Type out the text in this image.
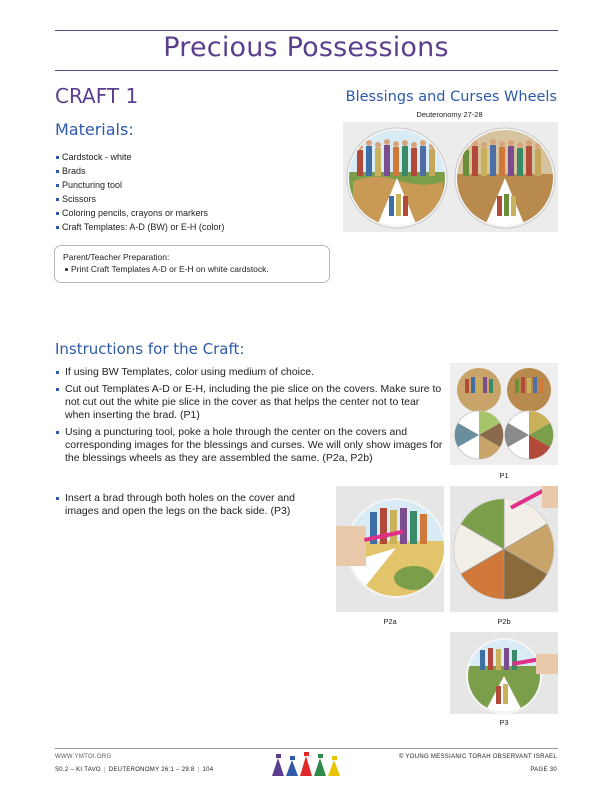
Precious Possessions
CRAFT 1
Materials:
Cardstock - white
Brads
Puncturing tool
Scissors
Coloring pencils, crayons or markers
Craft Templates: A-D (BW) or E-H (color)
Parent/Teacher Preparation:
Print Craft Templates A-D or E-H on white cardstock.
Blessings and Curses Wheels
Deuteronomy 27-28
Instructions for the Craft:
If using BW Templates, color using medium of choice.
Cut out Templates A-D or E-H, including the pie slice on the covers. Make sure to not cut out the white pie slice in the cover as that helps the center not to tear when inserting the brad. (P1)
Using a puncturing tool, poke a hole through the center on the covers and corresponding images for the blessings and curses. We will only show images for the blessings wheels as they are assembled the same. (P2a, P2b)
Insert a brad through both holes on the cover and images and open the legs on the back side. (P3)
P1
P2a	P2b
P3
WWW.YMTOI.ORG
S0.2 – KI TAVO | DEUTERONOMY 26:1 – 29:8 | 104
© YOUNG MESSIANIC TORAH OBSERVANT ISRAEL
PAGE 30
